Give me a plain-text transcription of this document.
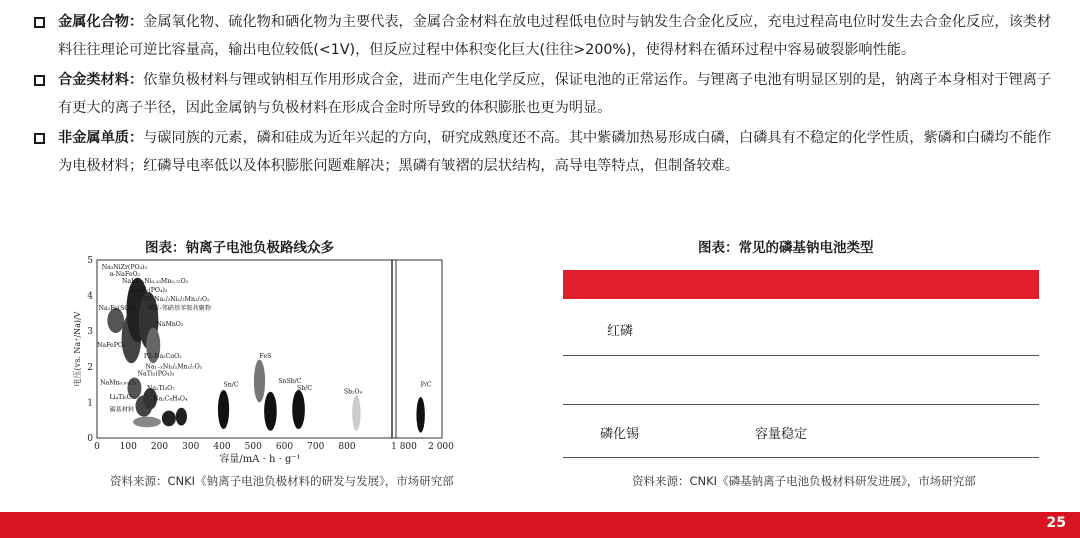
金属化合物：金属氧化物、硫化物和硒化物为主要代表，金属合金材料在放电过程低电位时与钠发生合金化反应，充电过程高电位时发生去合金化反应，该类材料往往理论可逆比容量高，输出电位较低(<1V)，但反应过程中体积变化巨大(往往>200%)，使得材料在循环过程中容易破裂影响性能。
合金类材料：依靠负极材料与锂或钠相互作用形成合金，进而产生电化学反应，保证电池的正常运作。与锂离子电池有明显区别的是，钠离子本身相对于锂离子有更大的离子半径，因此金属钠与负极材料在形成合金时所导致的体积膨胀也更为明显。
非金属单质：与碳同族的元素，磷和硅成为近年兴起的方向，研究成熟度还不高。其中紫磷加热易形成白磷，白磷具有不稳定的化学性质，紫磷和白磷均不能作为电极材料；红磷导电率低以及体积膨胀问题难解决；黑磷有皱褶的层状结构，高导电等特点，但制备较难。
图表：钠离子电池负极路线众多
0 100 200 300 400 500 600 700 800	1 800 2 000
0
1
2
3
4
5
Na₃NiZr(PO₄)₃
α-NaFeO₂
NaLi₀.₂Ni₀.₂₅Mn₀.₇₅O₂
Na₂V₂(PO₄)₂
P2-Na₂/₃Ni₁/₃Mn₂/₃O₂
苯胺-邻硝基苯胺共聚物
NaMnO₂
NaFePO₄
P2-Na₂CoO₂
Na₁₋ₓNi₁/₂Mn₁/₂O₂
NaTi₂(PO₄)₃
NaMn₀.₆₇O₂
Na₂Ti₃O₇
Li₄Ti₅O₁₂	Na₂C₈H₄O₄
碳基材料
Sn/C
FeS
SnSb/C
Sb/C
Sb₂O₄
P/C
Na₂Fe(SO₄)₂
容量/mA · h · g⁻¹
电压(vs. Na⁺/Na)/V
资料来源：CNKI《钠离子电池负极材料的研发与发展》，市场研究部
图表：常见的磷基钠电池类型
红磷
磷化锡	容量稳定
资料来源：CNKI《磷基钠离子电池负极材料研发进展》，市场研究部
25
